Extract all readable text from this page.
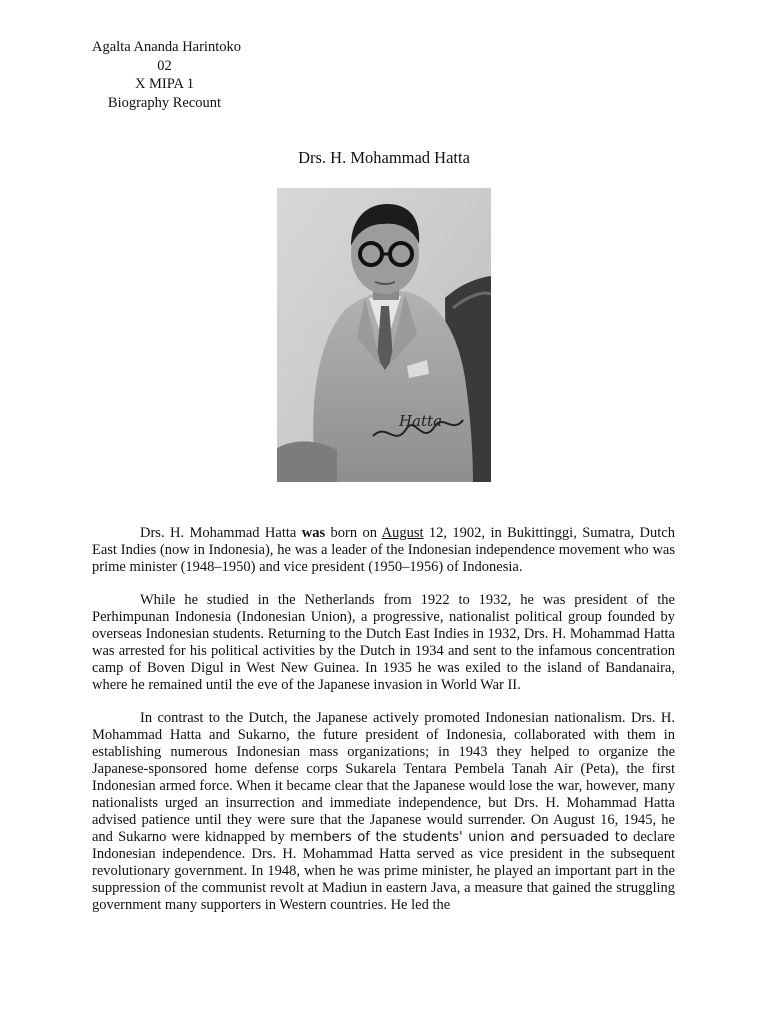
Agalta Ananda Harintoko
02
X MIPA 1
Biography Recount
Drs. H. Mohammad Hatta
Hatta

Drs. H. Mohammad Hatta was born on August 12, 1902, in Bukittinggi, Sumatra, Dutch East Indies (now in Indonesia), he was a leader of the Indonesian independence movement who was prime minister (1948–1950) and vice president (1950–1956) of Indonesia.

While he studied in the Netherlands from 1922 to 1932, he was president of the Perhimpunan Indonesia (Indonesian Union), a progressive, nationalist political group founded by overseas Indonesian students. Returning to the Dutch East Indies in 1932, Drs. H. Mohammad Hatta was arrested for his political activities by the Dutch in 1934 and sent to the infamous concentration camp of Boven Digul in West New Guinea. In 1935 he was exiled to the island of Bandanaira, where he remained until the eve of the Japanese invasion in World War II.

In contrast to the Dutch, the Japanese actively promoted Indonesian nationalism. Drs. H. Mohammad Hatta and Sukarno, the future president of Indonesia, collaborated with them in establishing numerous Indonesian mass organizations; in 1943 they helped to organize the Japanese-sponsored home defense corps Sukarela Tentara Pembela Tanah Air (Peta), the first Indonesian armed force. When it became clear that the Japanese would lose the war, however, many nationalists urged an insurrection and immediate independence, but Drs. H. Mohammad Hatta advised patience until they were sure that the Japanese would surrender. On August 16, 1945, he and Sukarno were kidnapped by members of the students' union and persuaded to declare Indonesian independence. Drs. H. Mohammad Hatta served as vice president in the subsequent revolutionary government. In 1948, when he was prime minister, he played an important part in the suppression of the communist revolt at Madiun in eastern Java, a measure that gained the struggling government many supporters in Western countries. He led the
